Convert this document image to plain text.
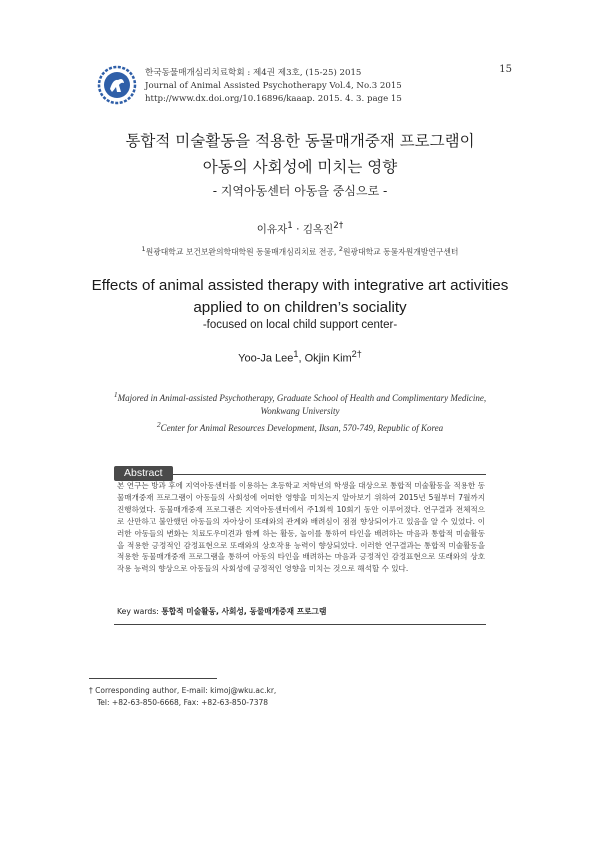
한국동물매개심리치료학회 : 제4권 제3호, (15-25) 2015
Journal of Animal Assisted Psychotherapy Vol.4, No.3 2015
http://www.dx.doi.org/10.16896/kaaap. 2015. 4. 3. page 15
15
통합적 미술활동을 적용한 동물매개중재 프로그램이
아동의 사회성에 미치는 영향
- 지역아동센터 아동을 중심으로 -
이유자$^1$ · 김옥진$^{2\dagger}$
$^1$원광대학교 보건보완의학대학원 동물매개심리치료 전공, $^2$원광대학교 동물자원개발연구센터
Effects of animal assisted therapy with integrative art activities
applied to on children’s sociality
-focused on local child support center-
Yoo-Ja Lee$^1$, Okjin Kim$^{2\dagger}$
$^1$Majored in Animal-assisted Psychotherapy, Graduate School of Health and Complimentary Medicine,
Wonkwang University
$^2$Center for Animal Resources Development, Iksan, 570-749, Republic of Korea
Abstract
본 연구는 방과 후에 지역아동센터를 이용하는 초등학교 저학년의 학생을 대상으로 통합적 미술활동을 적용한 동물매개중재 프로그램이 아동들의 사회성에 어떠한 영향을 미치는지 알아보기 위하여 2015년 5월부터 7월까지 진행하였다. 동물매개중재 프로그램은 지역아동센터에서 주1회씩 10회기 동안 이루어졌다. 연구결과 전체적으로 산만하고 불안했던 아동들의 자아상이 또래와의 관계와 배려심이 점점 향상되어가고 있음을 알 수 있었다. 이러한 아동들의 변화는 치료도우미견과 함께 하는 활동, 놀이를 통하여 타인을 배려하는 마음과 통합적 미술활동을 적용한 긍정적인 감정표현으로 또래와의 상호작용 능력이 향상되었다. 이러한 연구결과는 통합적 미술활동을 적용한 동물매개중재 프로그램을 통하여 아동의 타인을 배려하는 마음과 긍정적인 감정표현으로 또래와의 상호작용 능력의 향상으로 아동들의 사회성에 긍정적인 영향을 미치는 것으로 해석할 수 있다.
Key wards: 통합적 미술활동, 사회성, 동물매개중재 프로그램
† Corresponding author, E-mail: kimoj@wku.ac.kr,
Tel: +82-63-850-6668, Fax: +82-63-850-7378
